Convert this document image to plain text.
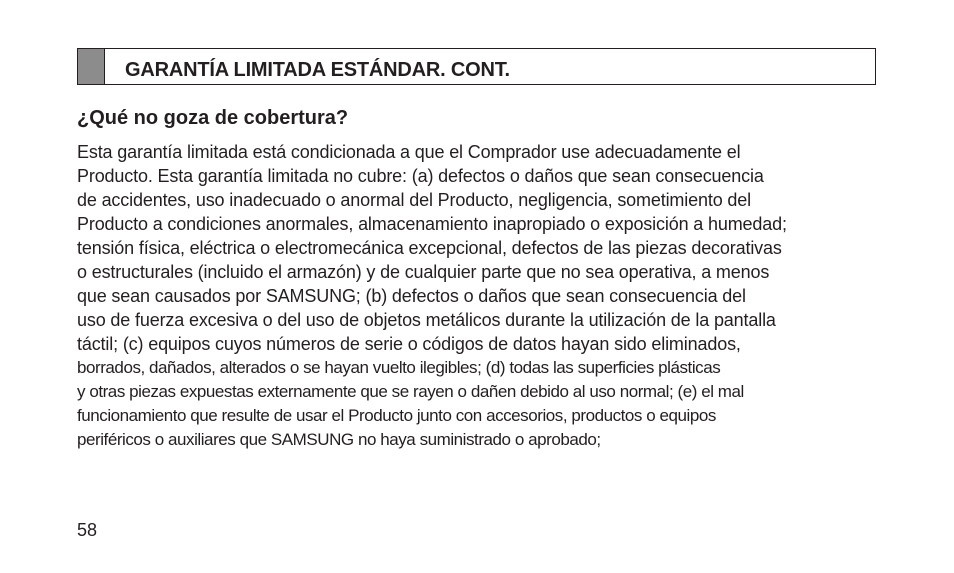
GARANTÍA LIMITADA ESTÁNDAR. CONT.
¿Qué no goza de cobertura?
Esta garantía limitada está condicionada a que el Comprador use adecuadamente el
Producto. Esta garantía limitada no cubre: (a) defectos o daños que sean consecuencia
de accidentes, uso inadecuado o anormal del Producto, negligencia, sometimiento del
Producto a condiciones anormales, almacenamiento inapropiado o exposición a humedad;
tensión física, eléctrica o electromecánica excepcional, defectos de las piezas decorativas
o estructurales (incluido el armazón) y de cualquier parte que no sea operativa, a menos
que sean causados por SAMSUNG; (b) defectos o daños que sean consecuencia del
uso de fuerza excesiva o del uso de objetos metálicos durante la utilización de la pantalla
táctil; (c) equipos cuyos números de serie o códigos de datos hayan sido eliminados,
borrados, dañados, alterados o se hayan vuelto ilegibles; (d) todas las superficies plásticas
y otras piezas expuestas externamente que se rayen o dañen debido al uso normal; (e) el mal
funcionamiento que resulte de usar el Producto junto con accesorios, productos o equipos
periféricos o auxiliares que SAMSUNG no haya suministrado o aprobado;
58
